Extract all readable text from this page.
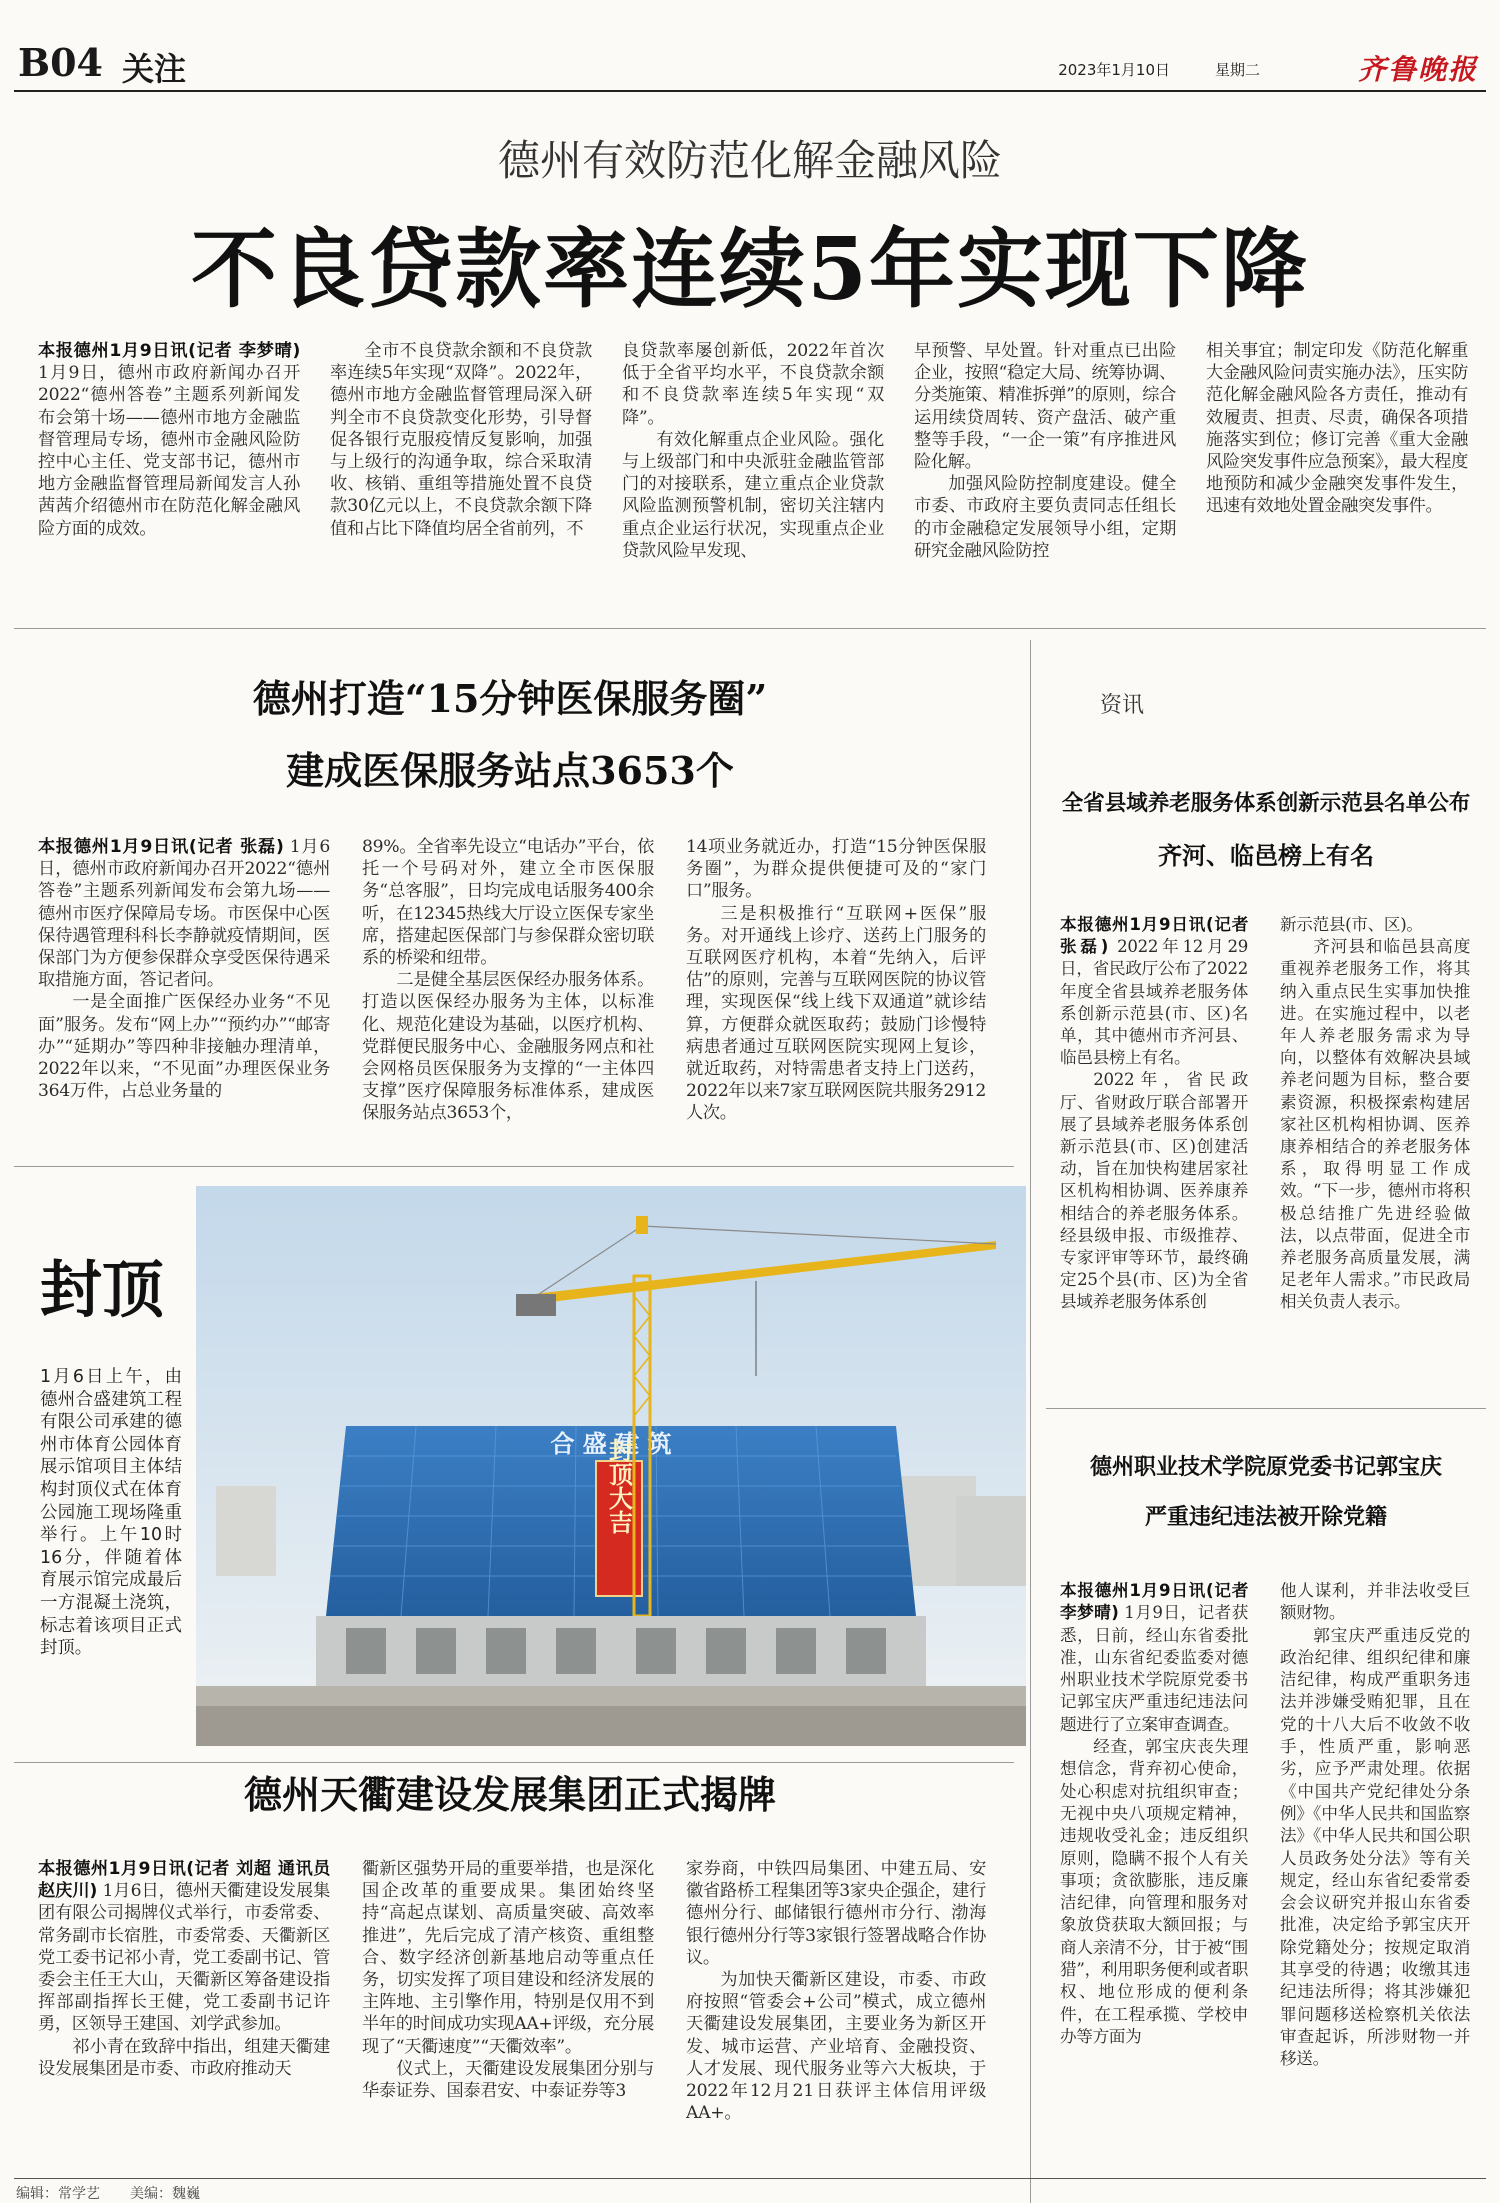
B04 关注	2023年1月10日	星期二	齐鲁晚报
德州有效防范化解金融风险
不良贷款率连续5年实现下降

本报德州1月9日讯(记者 李梦晴) 1月9日，德州市政府新闻办召开2022“德州答卷”主题系列新闻发布会第十场——德州市地方金融监督管理局专场，德州市金融风险防控中心主任、党支部书记，德州市地方金融监督管理局新闻发言人孙茜茜介绍德州市在防范化解金融风险方面的成效。

全市不良贷款余额和不良贷款率连续5年实现“双降”。2022年，德州市地方金融监督管理局深入研判全市不良贷款变化形势，引导督促各银行克服疫情反复影响，加强与上级行的沟通争取，综合采取清收、核销、重组等措施处置不良贷款30亿元以上，不良贷款余额下降值和占比下降值均居全省前列，不

良贷款率屡创新低，2022年首次低于全省平均水平，不良贷款余额和不良贷款率连续5年实现“双降”。

有效化解重点企业风险。强化与上级部门和中央派驻金融监管部门的对接联系，建立重点企业贷款风险监测预警机制，密切关注辖内重点企业运行状况，实现重点企业贷款风险早发现、

早预警、早处置。针对重点已出险企业，按照“稳定大局、统筹协调、分类施策、精准拆弹”的原则，综合运用续贷周转、资产盘活、破产重整等手段，“一企一策”有序推进风险化解。

加强风险防控制度建设。健全市委、市政府主要负责同志任组长的市金融稳定发展领导小组，定期研究金融风险防控

相关事宜；制定印发《防范化解重大金融风险问责实施办法》，压实防范化解金融风险各方责任，推动有效履责、担责、尽责，确保各项措施落实到位；修订完善《重大金融风险突发事件应急预案》，最大程度地预防和减少金融突发事件发生，迅速有效地处置金融突发事件。

德州打造“15分钟医保服务圈”
建成医保服务站点3653个

本报德州1月9日讯(记者 张磊) 1月6日，德州市政府新闻办召开2022“德州答卷”主题系列新闻发布会第九场——德州市医疗保障局专场。市医保中心医保待遇管理科科长李静就疫情期间，医保部门为方便参保群众享受医保待遇采取措施方面，答记者问。

一是全面推广医保经办业务“不见面”服务。发布“网上办”“预约办”“邮寄办”“延期办”等四种非接触办理清单，2022年以来，“不见面”办理医保业务364万件，占总业务量的

89%。全省率先设立“电话办”平台，依托一个号码对外，建立全市医保服务“总客服”，日均完成电话服务400余听，在12345热线大厅设立医保专家坐席，搭建起医保部门与参保群众密切联系的桥梁和纽带。

二是健全基层医保经办服务体系。打造以医保经办服务为主体，以标准化、规范化建设为基础，以医疗机构、党群便民服务中心、金融服务网点和社会网格员医保服务为支撑的“一主体四支撑”医疗保障服务标准体系，建成医保服务站点3653个，

14项业务就近办，打造“15分钟医保服务圈”，为群众提供便捷可及的“家门口”服务。

三是积极推行“互联网+医保”服务。对开通线上诊疗、送药上门服务的互联网医疗机构，本着“先纳入，后评估”的原则，完善与互联网医院的协议管理，实现医保“线上线下双通道”就诊结算，方便群众就医取药；鼓励门诊慢特病患者通过互联网医院实现网上复诊，就近取药，对特需患者支持上门送药，2022年以来7家互联网医院共服务2912人次。

资讯
全省县域养老服务体系创新示范县名单公布
齐河、临邑榜上有名

本报德州1月9日讯(记者 张磊) 2022年12月29日，省民政厅公布了2022年度全省县域养老服务体系创新示范县(市、区)名单，其中德州市齐河县、临邑县榜上有名。

2022年，省民政厅、省财政厅联合部署开展了县域养老服务体系创新示范县(市、区)创建活动，旨在加快构建居家社区机构相协调、医养康养相结合的养老服务体系。经县级申报、市级推荐、专家评审等环节，最终确定25个县(市、区)为全省县域养老服务体系创

新示范县(市、区)。

齐河县和临邑县高度重视养老服务工作，将其纳入重点民生实事加快推进。在实施过程中，以老年人养老服务需求为导向，以整体有效解决县域养老问题为目标，整合要素资源，积极探索构建居家社区机构相协调、医养康养相结合的养老服务体系，取得明显工作成效。“下一步，德州市将积极总结推广先进经验做法，以点带面，促进全市养老服务高质量发展，满足老年人需求。”市民政局相关负责人表示。

德州职业技术学院原党委书记郭宝庆
严重违纪违法被开除党籍

本报德州1月9日讯(记者 李梦晴) 1月9日，记者获悉，日前，经山东省委批准，山东省纪委监委对德州职业技术学院原党委书记郭宝庆严重违纪违法问题进行了立案审查调查。

经查，郭宝庆丧失理想信念，背弃初心使命，处心积虑对抗组织审查；无视中央八项规定精神，违规收受礼金；违反组织原则，隐瞒不报个人有关事项；贪欲膨胀，违反廉洁纪律，向管理和服务对象放贷获取大额回报；与商人亲清不分，甘于被“围猎”，利用职务便利或者职权、地位形成的便利条件，在工程承揽、学校申办等方面为

他人谋利，并非法收受巨额财物。

郭宝庆严重违反党的政治纪律、组织纪律和廉洁纪律，构成严重职务违法并涉嫌受贿犯罪，且在党的十八大后不收敛不收手，性质严重，影响恶劣，应予严肃处理。依据《中国共产党纪律处分条例》《中华人民共和国监察法》《中华人民共和国公职人员政务处分法》等有关规定，经山东省纪委常委会会议研究并报山东省委批准，决定给予郭宝庆开除党籍处分；按规定取消其享受的待遇；收缴其违纪违法所得；将其涉嫌犯罪问题移送检察机关依法审查起诉，所涉财物一并移送。

封顶
1月6日上午，由德州合盛建筑工程有限公司承建的德州市体育公园体育展示馆项目主体结构封顶仪式在体育公园施工现场隆重举行。上午10时16分，伴随着体育展示馆完成最后一方混凝土浇筑，标志着该项目正式封顶。
合 盛 建 筑
封顶大吉
德州天衢建设发展集团正式揭牌

本报德州1月9日讯(记者 刘超 通讯员 赵庆川) 1月6日，德州天衢建设发展集团有限公司揭牌仪式举行，市委常委、常务副市长宿胜，市委常委、天衢新区党工委书记祁小青，党工委副书记、管委会主任王大山，天衢新区筹备建设指挥部副指挥长王健，党工委副书记许勇，区领导王建国、刘学武参加。

祁小青在致辞中指出，组建天衢建设发展集团是市委、市政府推动天

衢新区强势开局的重要举措，也是深化国企改革的重要成果。集团始终坚持“高起点谋划、高质量突破、高效率推进”，先后完成了清产核资、重组整合、数字经济创新基地启动等重点任务，切实发挥了项目建设和经济发展的主阵地、主引擎作用，特别是仅用不到半年的时间成功实现AA+评级，充分展现了“天衢速度”“天衢效率”。

仪式上，天衢建设发展集团分别与华泰证券、国泰君安、中泰证券等3

家券商，中铁四局集团、中建五局、安徽省路桥工程集团等3家央企强企，建行德州分行、邮储银行德州市分行、渤海银行德州分行等3家银行签署战略合作协议。

为加快天衢新区建设，市委、市政府按照“管委会+公司”模式，成立德州天衢建设发展集团，主要业务为新区开发、城市运营、产业培育、金融投资、人才发展、现代服务业等六大板块，于2022年12月21日获评主体信用评级AA+。

编辑：常学艺 美编：魏巍
